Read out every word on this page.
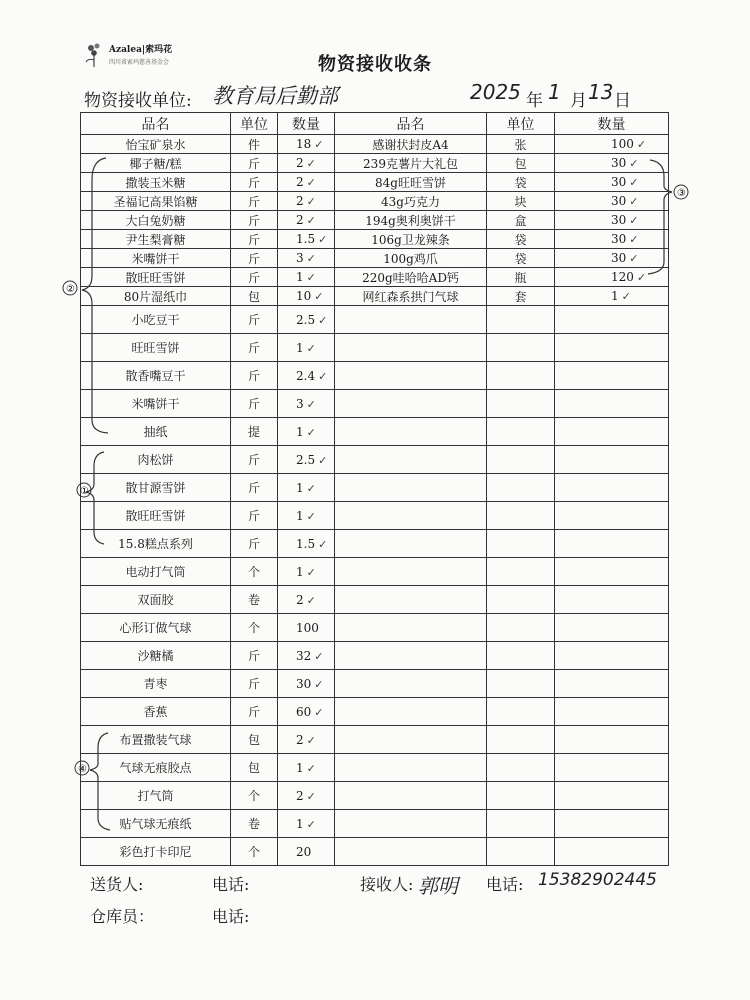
Azalea|索玛花
四川省索玛慈善基金会	物资接收收条
物资接收单位: 教育局后勤部	2025 年 1 月 13 日
品名	单位	数量	品名	单位	数量
怡宝矿泉水	件	18 ✓	感谢状封皮A4	张	100 ✓
椰子糖/糕	斤	2 ✓	239克薯片大礼包	包	30 ✓
撒装玉米糖	斤	2 ✓	84g旺旺雪饼	袋	30 ✓
圣福记高果馅糖	斤	2 ✓	43g巧克力	块	30 ✓
大白兔奶糖	斤	2 ✓	194g奥利奥饼干	盒	30 ✓
尹生梨膏糖	斤	1.5 ✓	106g卫龙辣条	袋	30 ✓
米嘴饼干	斤	3 ✓	100g鸡爪	袋	30 ✓
散旺旺雪饼	斤	1 ✓	220g哇哈哈AD钙	瓶	120 ✓
80片湿纸巾	包	10 ✓	网红森系拱门气球	套	1 ✓
小吃豆干	斤	2.5 ✓			
旺旺雪饼	斤	1 ✓			
散香嘴豆干	斤	2.4 ✓			
米嘴饼干	斤	3 ✓			
抽纸	提	1 ✓			
肉松饼	斤	2.5 ✓			
散甘源雪饼	斤	1 ✓			
散旺旺雪饼	斤	1 ✓			
15.8糕点系列	斤	1.5 ✓			
电动打气筒	个	1 ✓			
双面胶	卷	2 ✓			
心形订做气球	个	100			
沙糖橘	斤	32 ✓			
青枣	斤	30 ✓			
香蕉	斤	60 ✓			
布置撒装气球	包	2 ✓			
气球无痕胶点	包	1 ✓			
打气筒	个	2 ✓			
贴气球无痕纸	卷	1 ✓			
彩色打卡印尼	个	20			
②
①
④
③
送货人:	电话:
仓库员：	电话:
接收人: 郭明 电话: 15382902445
